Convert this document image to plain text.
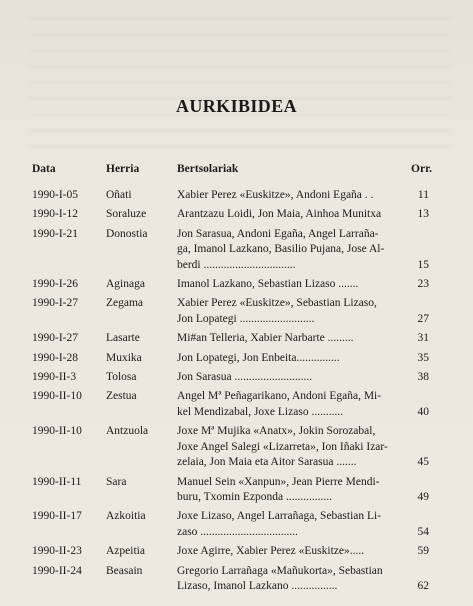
AURKIBIDEA
Data	Herria	Bertsolariak	Orr.
1990-I-05 Oñati	Xabier Perez «Euskitze», Andoni Egaña . .	11
1990-I-12 Soraluze	Arantzazu Loidi, Jon Maia, Ainhoa Munitxa	13
1990-I-21 Donostia	Jon Sarasua, Andoni Egaña, Angel Larraña-
ga, Imanol Lazkano, Basilio Pujana, Jose Al-
berdi ................................	15
1990-I-26 Aginaga	Imanol Lazkano, Sebastian Lizaso .......	23
1990-I-27 Zegama	Xabier Perez «Euskitze», Sebastian Lizaso,
Jon Lopategi ..........................	27
1990-I-27 Lasarte	Mi#an Telleria, Xabier Narbarte .........	31
1990-I-28 Muxika	Jon Lopategi, Jon Enbeita...............	35
1990-II-3	Tolosa	Jon Sarasua ...........................	38
1990-II-10 Zestua	Angel Mª Peñagarikano, Andoni Egaña, Mi-
kel Mendizabal, Joxe Lizaso ...........	40
1990-II-10 Antzuola	Joxe Mª Mujika «Anatx», Jokin Sorozabal,
Joxe Angel Salegi «Lizarreta», Ion Iñaki Izar-
zelaia, Jon Maia eta Aitor Sarasua .......	45
1990-II-11 Sara	Manuel Sein «Xanpun», Jean Pierre Mendi-
buru, Txomin Ezponda ................	49
1990-II-17 Azkoitia	Joxe Lizaso, Angel Larrañaga, Sebastian Li-
zaso ..................................	54
1990-II-23 Azpeitia	Joxe Agirre, Xabier Perez «Euskitze».....	59
1990-II-24 Beasain	Gregorio Larrañaga «Mañukorta», Sebastian
Lizaso, Imanol Lazkano ................	62
